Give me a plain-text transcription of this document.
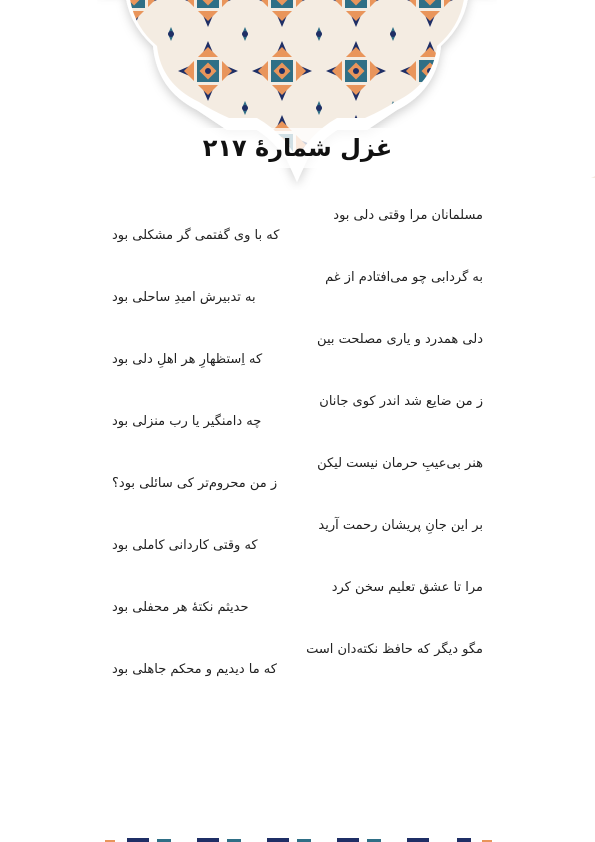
غزل شمارهٔ ۲۱۷
مسلمانان مرا وقتی دلی بود
که با وی گفتمی گر مشکلی بود
به گردابی چو می‌افتادم از غم
به تدبیرش امیدِ ساحلی بود
دلی همدرد و یاری مصلحت بین
که اِستظهارِ هر اهلِ دلی بود
ز من ضایع شد اندر کوی جانان
چه دامنگیر یا رب منزلی بود
هنر بی‌عیبِ حرمان نیست لیکن
ز من محروم‌تر کی سائلی بود؟
بر این جانِ پریشان رحمت آرید
که وقتی کاردانی کاملی بود
مرا تا عشق تعلیم سخن کرد
حدیثم نکتهٔ هر محفلی بود
مگو دیگر که حافظ نکته‌دان است
که ما دیدیم و محکم جاهلی بود
